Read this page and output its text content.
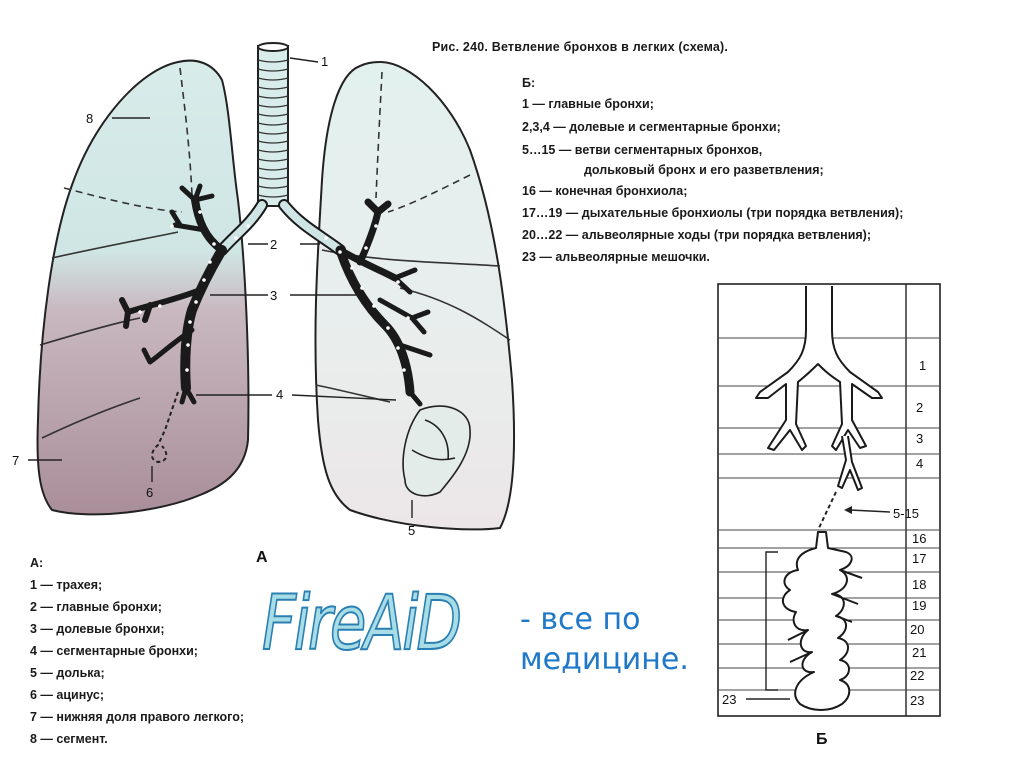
1
2
3
4
5
6
7
8
А
1
2
3
4
5-15
16
17
18
19
20
21
22
23
23
Б
Рис. 240. Ветвление бронхов в легких (схема).
Б:
1 — главные бронхи;
2,3,4 — долевые и сегментарные бронхи;
5…15 — ветви сегментарных бронхов,
дольковый бронх и его разветвления;
16 — конечная бронхиола;
17…19 — дыхательные бронхиолы (три порядка ветвления);
20…22 — альвеолярные ходы (три порядка ветвления);
23 — альвеолярные мешочки.
А:
1 — трахея;
2 — главные бронхи;
3 — долевые бронхи;
4 — сегментарные бронхи;
5 — долька;
6 — ацинус;
7 — нижняя доля правого легкого;
8 — сегмент.
FireAiD - все по
медицине.
